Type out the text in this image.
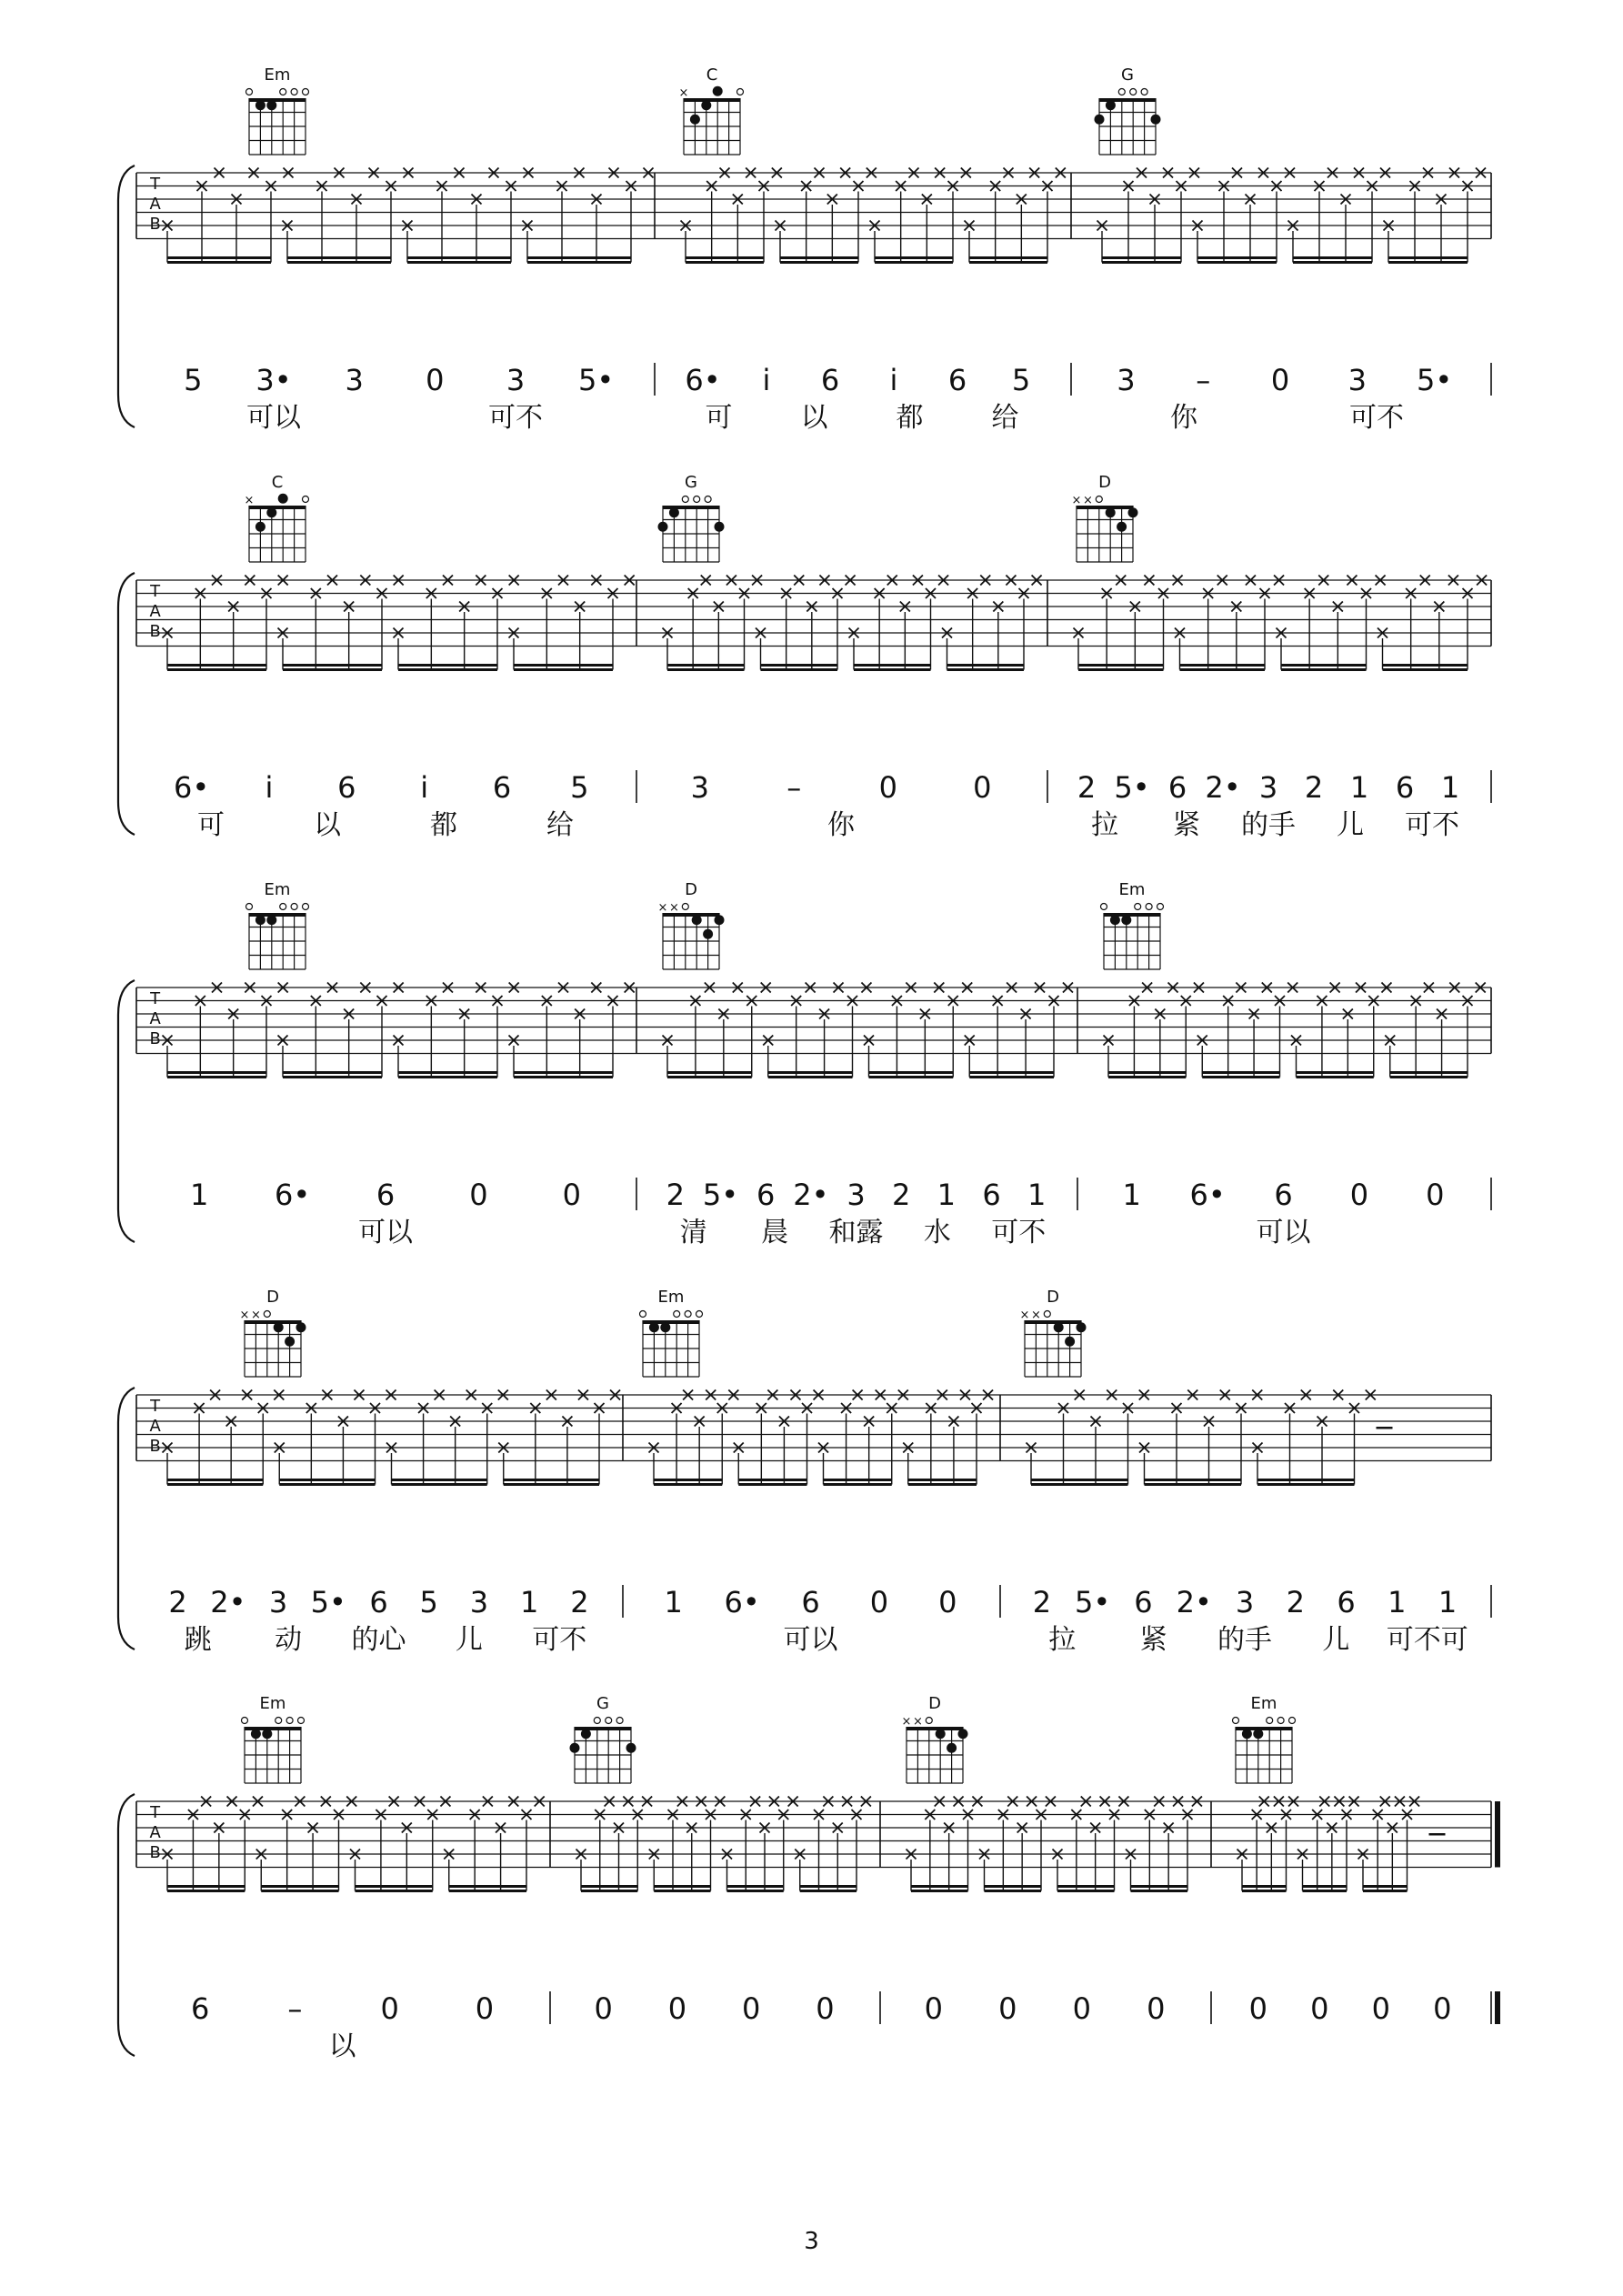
Em	C
×
G
T
A
B
5 3• 3 0 3 5•
可以	可不
6• i 6 i 6 5
可	以	都	给
3 – 0 3 5•
你	可不
C
×
G	D
× ×
T
A
B
6• i 6 i 6 5
可	以	都	给
3	–	0	0
你
2 5• 6 2• 3 2 1 6 1
拉 紧 的手 儿 可不
Em	D
× ×
Em
T
A
B
1 6• 6	0	0
可以
2 5• 6 2• 3 2 1 6 1
清 晨 和露 水 可不
1 6• 6 0 0
可以
D
× ×
Em	D
× ×
T
A
B
2 2• 3 5• 6 5 3 1 2
跳 动 的心 儿 可不
1 6• 6 0 0
可以
2 5• 6 2• 3 2 6 1 1
拉 紧 的手 儿 可不可
Em	G	D
× ×
Em
T
A
B
6	–	0	0
以
0 0 0 0	0 0 0 0	0 0 0 0
3
